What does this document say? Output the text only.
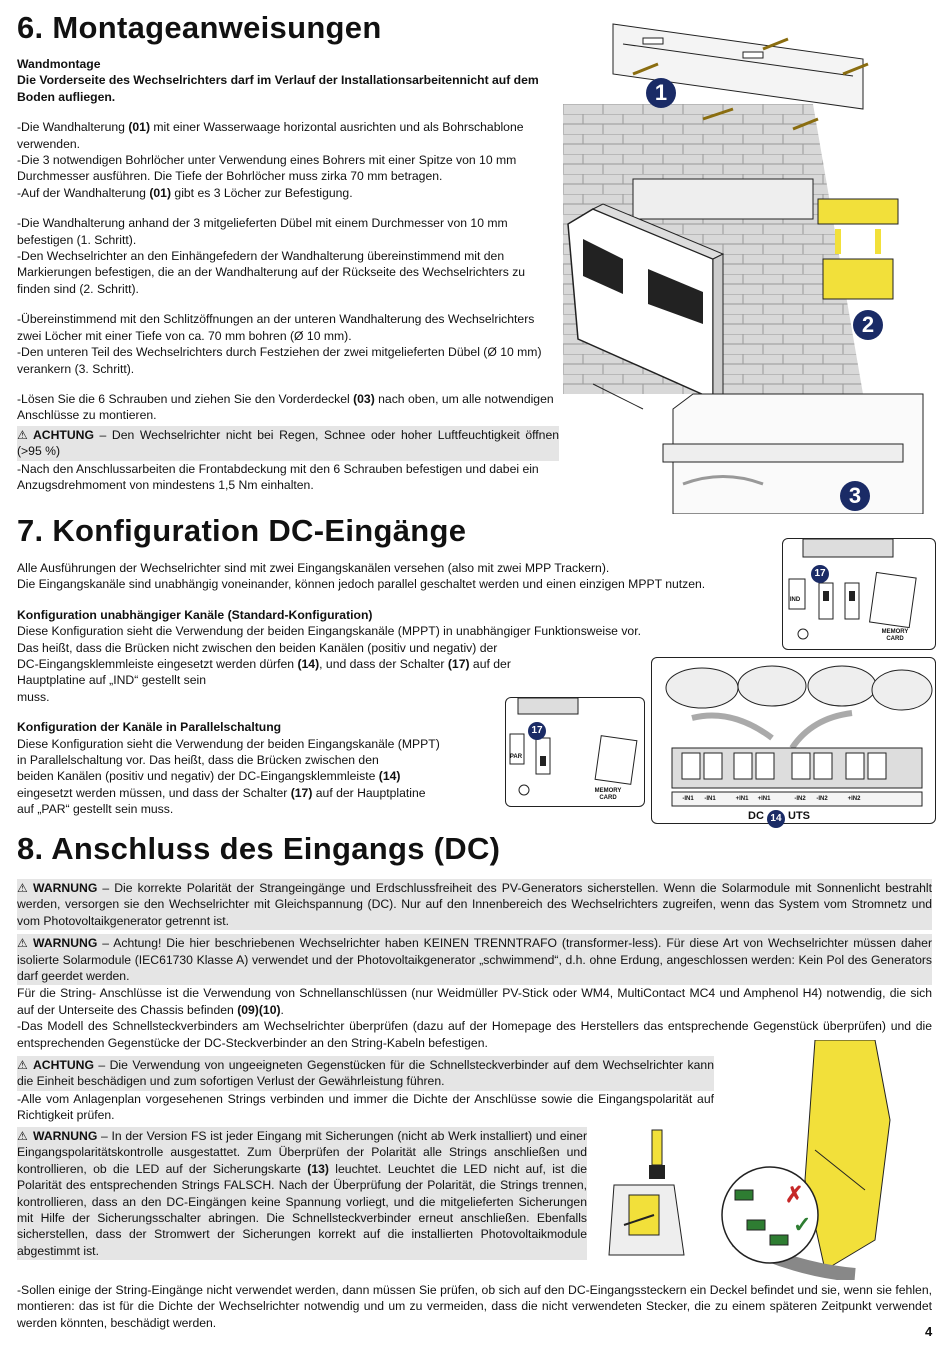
6. Montageanweisungen

Wandmontage

Die Vorderseite des Wechselrichters darf im Verlauf der Installationsarbeitennicht auf dem Boden aufliegen.

-Die Wandhalterung (01) mit einer Wasserwaage horizontal ausrichten und als Bohrschablone verwenden.

-Die 3 notwendigen Bohrlöcher unter Verwendung eines Bohrers mit einer Spitze von 10 mm Durchmesser ausführen. Die Tiefe der Bohrlöcher muss zirka 70 mm betragen.

-Auf der Wandhalterung (01) gibt es 3 Löcher zur Befestigung.

-Die Wandhalterung anhand der 3 mitgelieferten Dübel mit einem Durchmesser von 10 mm befestigen (1. Schritt).

-Den Wechselrichter an den Einhängefedern der Wandhalterung übereinstimmend mit den Markierungen befestigen, die an der Wandhalterung auf der Rückseite des Wechselrichters zu finden sind (2. Schritt).

-Übereinstimmend mit den Schlitzöffnungen an der unteren Wandhalterung des Wechselrichters zwei Löcher mit einer Tiefe von ca. 70 mm bohren (Ø 10 mm).

-Den unteren Teil des Wechselrichters durch Festziehen der zwei mitgelieferten Dübel (Ø 10 mm) verankern (3. Schritt).

-Lösen Sie die 6 Schrauben und ziehen Sie den Vorderdeckel (03) nach oben, um alle notwendigen Anschlüsse zu montieren.

⚠ ACHTUNG – Den Wechselrichter nicht bei Regen, Schnee oder hoher Luftfeuchtigkeit öffnen (>95 %)

-Nach den Anschlussarbeiten die Frontabdeckung mit den 6 Schrauben befestigen und dabei ein Anzugsdrehmoment von mindestens 1,5 Nm einhalten.

1
2
3
7. Konfiguration DC-Eingänge

Alle Ausführungen der Wechselrichter sind mit zwei Eingangskanälen versehen (also mit zwei MPP Trackern).

Die Eingangskanäle sind unabhängig voneinander, können jedoch parallel geschaltet werden und einen einzigen MPPT nutzen.

Konfiguration unabhängiger Kanäle (Standard-Konfiguration)

Diese Konfiguration sieht die Verwendung der beiden Eingangskanäle (MPPT) in unabhängiger Funktionsweise vor.

Das heißt, dass die Brücken nicht zwischen den beiden Kanälen (positiv und negativ) der

DC-Eingangsklemmleiste eingesetzt werden dürfen (14), und dass der Schalter (17) auf der

Hauptplatine auf „IND“ gestellt sein

muss.

Konfiguration der Kanäle in Parallelschaltung

Diese Konfiguration sieht die Verwendung der beiden Eingangskanäle (MPPT)

in Parallelschaltung vor. Das heißt, dass die Brücken zwischen den

beiden Kanälen (positiv und negativ) der DC-Eingangsklemmleiste (14)

eingesetzt werden müssen, und dass der Schalter (17) auf der Hauptplatine

auf „PAR“ gestellt sein muss.

17
IND
MEMORY CARD
-IN1	-IN1	+IN1	+IN1	-IN2	-IN2	+IN2
DC 14 UTS
17
PAR
MEMORY CARD
8. Anschluss des Eingangs (DC)
⚠ WARNUNG – Die korrekte Polarität der Strangeingänge und Erdschlussfreiheit des PV-Generators sicherstellen. Wenn die Solarmodule mit Sonnenlicht bestrahlt werden, versorgen sie den Wechselrichter mit Gleichspannung (DC). Nur auf den Innenbereich des Wechselrichters zugreifen, wenn das System vom Stromnetz und vom Photovoltaikgenerator getrennt ist.
⚠ WARNUNG – Achtung! Die hier beschriebenen Wechselrichter haben KEINEN TRENNTRAFO (transformer-less). Für diese Art von Wechselrichter müssen daher isolierte Solarmodule (IEC61730 Klasse A) verwendet und der Photovoltaikgenerator „schwimmend“, d.h. ohne Erdung, angeschlossen werden: Kein Pol des Generators darf geerdet werden.

Für die String- Anschlüsse ist die Verwendung von Schnellanschlüssen (nur Weidmüller PV-Stick oder WM4, MultiContact MC4 und Amphenol H4) notwendig, die sich auf der Unterseite des Chassis befinden (09)(10).

-Das Modell des Schnellsteckverbinders am Wechselrichter überprüfen (dazu auf der Homepage des Herstellers das entsprechende Gegenstück überprüfen) und die entsprechenden Gegenstücke der DC-Steckverbinder an den String-Kabeln befestigen.

⚠ ACHTUNG – Die Verwendung von ungeeigneten Gegenstücken für die Schnellsteckverbinder auf dem Wechselrichter kann die Einheit beschädigen und zum sofortigen Verlust der Gewährleistung führen.

-Alle vom Anlagenplan vorgesehenen Strings verbinden und immer die Dichte der Anschlüsse sowie die Eingangspolarität auf Richtigkeit prüfen.

⚠ WARNUNG – In der Version FS ist jeder Eingang mit Sicherungen (nicht ab Werk installiert) und einer Eingangspolaritätskontrolle ausgestattet. Zum Überprüfen der Polarität alle Strings anschließen und kontrollieren, ob die LED auf der Sicherungskarte (13) leuchtet. Leuchtet die LED nicht auf, ist die Polarität des entsprechenden Strings FALSCH. Nach der Überprüfung der Polarität, die Strings trennen, kontrollieren, dass an den DC-Eingängen keine Spannung vorliegt, und die mitgelieferten Sicherungen mit Hilfe der Sicherungsschalter abringen. Die Schnellsteckverbinder erneut anschließen. Ebenfalls sicherstellen, dass der Stromwert der Sicherungen korrekt auf die installierten Photovoltaikmodule abgestimmt ist.
✗
✓

-Sollen einige der String-Eingänge nicht verwendet werden, dann müssen Sie prüfen, ob sich auf den DC-Eingangssteckern ein Deckel befindet und sie, wenn sie fehlen, montieren: das ist für die Dichte der Wechselrichter notwendig und um zu vermeiden, dass die nicht verwendeten Stecker, die zu einem späteren Zeitpunkt verwendet werden könnten, beschädigt werden.

4
